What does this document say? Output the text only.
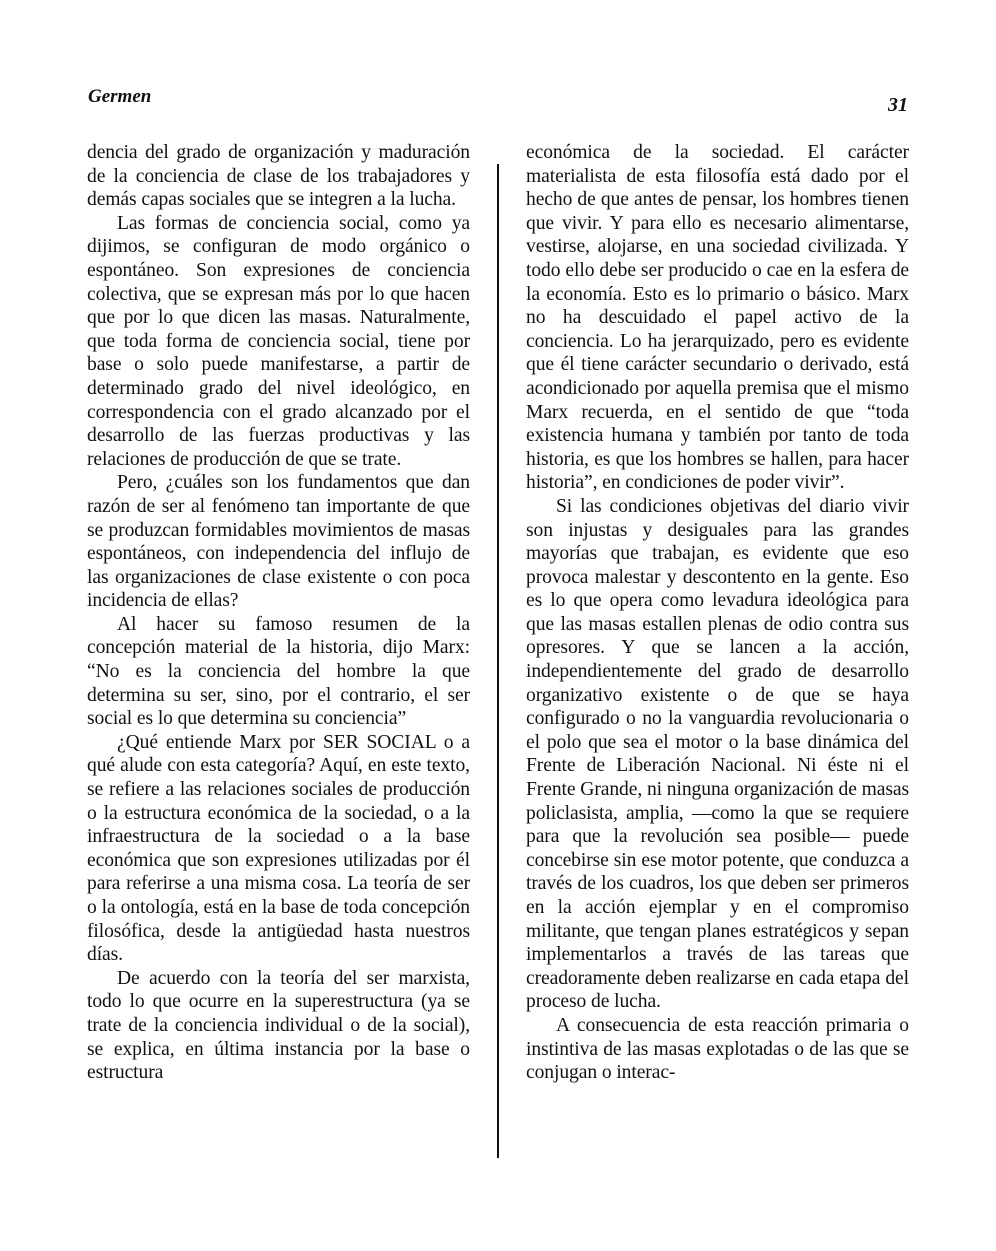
Germen	31

dencia del grado de organización y maduración de la conciencia de clase de los trabajadores y demás capas sociales que se integren a la lucha.

Las formas de conciencia social, como ya dijimos, se configuran de modo orgánico o espontáneo. Son expresiones de conciencia colectiva, que se expresan más por lo que hacen que por lo que dicen las masas. Naturalmente, que toda forma de conciencia social, tiene por base o solo puede manifestarse, a partir de determinado grado del nivel ideológico, en correspondencia con el grado alcanzado por el desarrollo de las fuerzas productivas y las relaciones de producción de que se trate.

Pero, ¿cuáles son los fundamentos que dan razón de ser al fenómeno tan importante de que se produzcan formidables movimientos de masas espontáneos, con independencia del influjo de las organizaciones de clase existente o con poca incidencia de ellas?

Al hacer su famoso resumen de la concepción material de la historia, dijo Marx: “No es la conciencia del hombre la que determina su ser, sino, por el contrario, el ser social es lo que determina su conciencia”

¿Qué entiende Marx por SER SOCIAL o a qué alude con esta categoría? Aquí, en este texto, se refiere a las relaciones sociales de producción o la estructura económica de la sociedad, o a la infraestructura de la sociedad o a la base económica que son expresiones utilizadas por él para referirse a una misma cosa. La teoría de ser o la ontología, está en la base de toda concepción filosófica, desde la antigüedad hasta nuestros días.

De acuerdo con la teoría del ser marxista, todo lo que ocurre en la superestructura (ya se trate de la conciencia individual o de la social), se explica, en última instancia por la base o estructura

económica de la sociedad. El carácter materialista de esta filosofía está dado por el hecho de que antes de pensar, los hombres tienen que vivir. Y para ello es necesario alimentarse, vestirse, alojarse, en una sociedad civilizada. Y todo ello debe ser producido o cae en la esfera de la economía. Esto es lo primario o básico. Marx no ha descuidado el papel activo de la conciencia. Lo ha jerarquizado, pero es evidente que él tiene carácter secundario o derivado, está acondicionado por aquella premisa que el mismo Marx recuerda, en el sentido de que “toda existencia humana y también por tanto de toda historia, es que los hombres se hallen, para hacer historia”, en condiciones de poder vivir”.

Si las condiciones objetivas del diario vivir son injustas y desiguales para las grandes mayorías que trabajan, es evidente que eso provoca malestar y descontento en la gente. Eso es lo que opera como levadura ideológica para que las masas estallen plenas de odio contra sus opresores. Y que se lancen a la acción, independientemente del grado de desarrollo organizativo existente o de que se haya configurado o no la vanguardia revolucionaria o el polo que sea el motor o la base dinámica del Frente de Liberación Nacional. Ni éste ni el Frente Grande, ni ninguna organización de masas policlasista, amplia, —como la que se requiere para que la revolución sea posible— puede concebirse sin ese motor potente, que conduzca a través de los cuadros, los que deben ser primeros en la acción ejemplar y en el compromiso militante, que tengan planes estratégicos y sepan implementarlos a través de las tareas que creadoramente deben realizarse en cada etapa del proceso de lucha.

A consecuencia de esta reacción primaria o instintiva de las masas explotadas o de las que se conjugan o interac-
